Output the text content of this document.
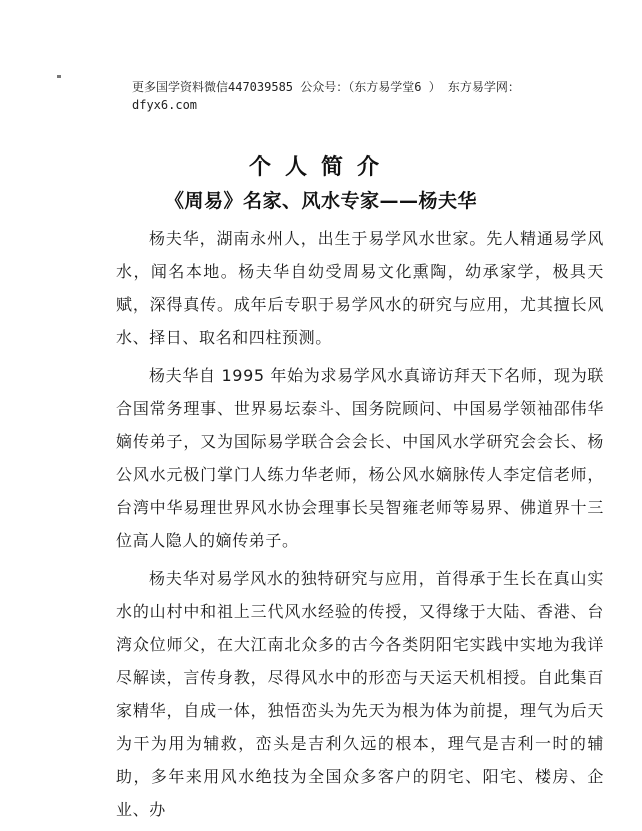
更多国学资料微信447039585 公众号：（东方易学堂6 ） 东方易学网：
dfyx6.com
个人简介
《周易》名家、风水专家——杨夫华

杨夫华，湖南永州人，出生于易学风水世家。先人精通易学风水，闻名本地。杨夫华自幼受周易文化熏陶，幼承家学，极具天赋，深得真传。成年后专职于易学风水的研究与应用，尤其擅长风水、择日、取名和四柱预测。

杨夫华自 1995 年始为求易学风水真谛访拜天下名师，现为联合国常务理事、世界易坛泰斗、国务院顾问、中国易学领袖邵伟华嫡传弟子，又为国际易学联合会会长、中国风水学研究会会长、杨公风水元极门掌门人练力华老师，杨公风水嫡脉传人李定信老师，台湾中华易理世界风水协会理事长吴智雍老师等易界、佛道界十三位高人隐人的嫡传弟子。

杨夫华对易学风水的独特研究与应用，首得承于生长在真山实水的山村中和祖上三代风水经验的传授，又得缘于大陆、香港、台湾众位师父，在大江南北众多的古今各类阴阳宅实践中实地为我详尽解读，言传身教，尽得风水中的形峦与天运天机相授。自此集百家精华，自成一体，独悟峦头为先天为根为体为前提，理气为后天为干为用为辅救，峦头是吉利久远的根本，理气是吉利一时的辅助，多年来用风水绝技为全国众多客户的阴宅、阳宅、楼房、企业、办
